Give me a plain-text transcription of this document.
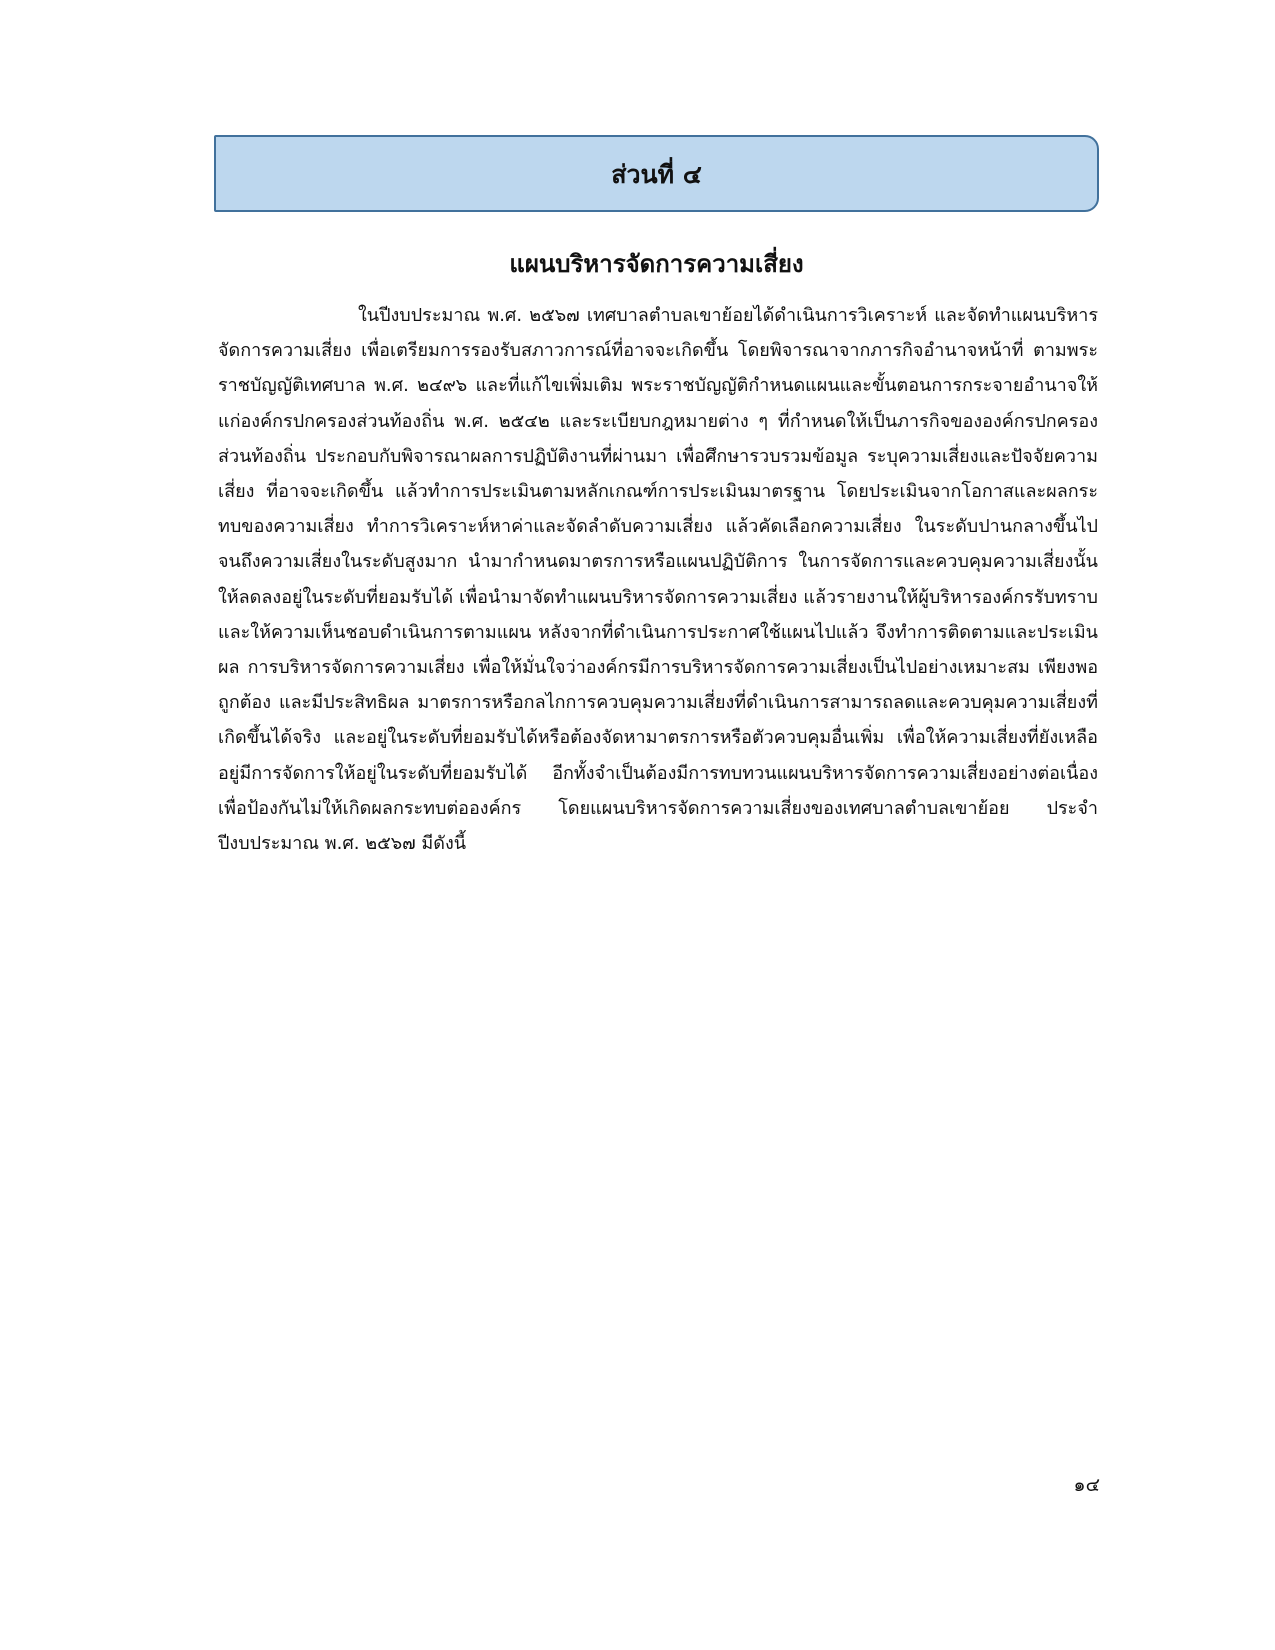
ส่วนที่ ๔
แผนบริหารจัดการความเสี่ยง

ในปีงบประมาณ พ.ศ. ๒๕๖๗ เทศบาลตำบลเขาย้อยได้ดำเนินการวิเคราะห์ และจัดทำแผนบริหารจัดการความเสี่ยง เพื่อเตรียมการรองรับสภาวการณ์ที่อาจจะเกิดขึ้น โดยพิจารณาจากภารกิจอำนาจหน้าที่ ตามพระราชบัญญัติเทศบาล พ.ศ. ๒๔๙๖ และที่แก้ไขเพิ่มเติม พระราชบัญญัติกำหนดแผนและขั้นตอนการกระจายอำนาจให้แก่องค์กรปกครองส่วนท้องถิ่น พ.ศ. ๒๕๔๒ และระเบียบกฎหมายต่าง ๆ ที่กำหนดให้เป็นภารกิจขององค์กรปกครองส่วนท้องถิ่น ประกอบกับพิจารณาผลการปฏิบัติงานที่ผ่านมา เพื่อศึกษารวบรวมข้อมูล ระบุความเสี่ยงและปัจจัยความเสี่ยง ที่อาจจะเกิดขึ้น แล้วทำการประเมินตามหลักเกณฑ์การประเมินมาตรฐาน โดยประเมินจากโอกาสและผลกระทบของความเสี่ยง ทำการวิเคราะห์หาค่าและจัดลำดับความเสี่ยง แล้วคัดเลือกความเสี่ยง ในระดับปานกลางขึ้นไป จนถึงความเสี่ยงในระดับสูงมาก นำมากำหนดมาตรการหรือแผนปฏิบัติการ ในการจัดการและควบคุมความเสี่ยงนั้น ให้ลดลงอยู่ในระดับที่ยอมรับได้ เพื่อนำมาจัดทำแผนบริหารจัดการความเสี่ยง แล้วรายงานให้ผู้บริหารองค์กรรับทราบ และให้ความเห็นชอบดำเนินการตามแผน หลังจากที่ดำเนินการประกาศใช้แผนไปแล้ว จึงทำการติดตามและประเมินผล การบริหารจัดการความเสี่ยง เพื่อให้มั่นใจว่าองค์กรมีการบริหารจัดการความเสี่ยงเป็นไปอย่างเหมาะสม เพียงพอ ถูกต้อง และมีประสิทธิผล มาตรการหรือกลไกการควบคุมความเสี่ยงที่ดำเนินการสามารถลดและควบคุมความเสี่ยงที่เกิดขึ้นได้จริง และอยู่ในระดับที่ยอมรับได้หรือต้องจัดหามาตรการหรือตัวควบคุมอื่นเพิ่ม เพื่อให้ความเสี่ยงที่ยังเหลืออยู่มีการจัดการให้อยู่ในระดับที่ยอมรับได้ อีกทั้งจำเป็นต้องมีการทบทวนแผนบริหารจัดการความเสี่ยงอย่างต่อเนื่อง เพื่อป้องกันไม่ให้เกิดผลกระทบต่อองค์กร โดยแผนบริหารจัดการความเสี่ยงของเทศบาลตำบลเขาย้อย ประจำปีงบประมาณ พ.ศ. ๒๕๖๗ มีดังนี้

๑๔
